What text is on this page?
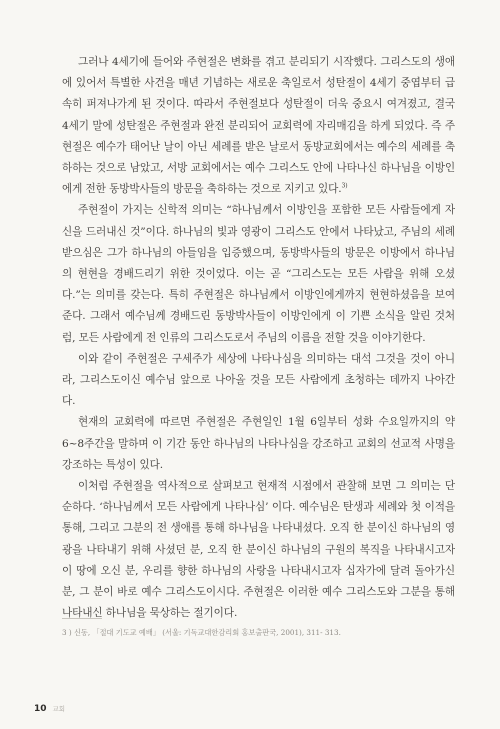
그러나 4세기에 들어와 주현절은 변화를 겪고 분리되기 시작했다. 그리스도의 생애에 있어서 특별한 사건을 매년 기념하는 새로운 축일로서 성탄절이 4세기 중엽부터 급속히 퍼져나가게 된 것이다. 따라서 주현절보다 성탄절이 더욱 중요시 여겨졌고, 결국 4세기 말에 성탄절은 주현절과 완전 분리되어 교회력에 자리매김을 하게 되었다. 즉 주현절은 예수가 태어난 날이 아닌 세례를 받은 날로서 동방교회에서는 예수의 세례를 축하하는 것으로 남았고, 서방 교회에서는 예수 그리스도 안에 나타나신 하나님을 이방인에게 전한 동방박사들의 방문을 축하하는 것으로 지키고 있다.$^{3)}$

주현절이 가지는 신학적 의미는 “하나님께서 이방인을 포함한 모든 사람들에게 자신을 드러내신 것”이다. 하나님의 빛과 영광이 그리스도 안에서 나타났고, 주님의 세례 받으심은 그가 하나님의 아들임을 입증했으며, 동방박사들의 방문은 이방에서 하나님의 현현을 경배드리기 위한 것이었다. 이는 곧 “그리스도는 모든 사람을 위해 오셨다.”는 의미를 갖는다. 특히 주현절은 하나님께서 이방인에게까지 현현하셨음을 보여 준다. 그래서 예수님께 경배드린 동방박사들이 이방인에게 이 기쁜 소식을 알린 것처럼, 모든 사람에게 전 인류의 그리스도로서 주님의 이름을 전할 것을 이야기한다.

이와 같이 주현절은 구세주가 세상에 나타나심을 의미하는 대석 그것을 것이 아니라, 그리스도이신 예수님 앞으로 나아올 것을 모든 사람에게 초청하는 데까지 나아간다.

현재의 교회력에 따르면 주현절은 주현일인 1월 6일부터 성화 수요일까지의 약 6~8주간을 말하며 이 기간 동안 하나님의 나타나심을 강조하고 교회의 선교적 사명을 강조하는 특성이 있다.

이처럼 주현절을 역사적으로 살펴보고 현재적 시점에서 관찰해 보면 그 의미는 단순하다. ‘하나님께서 모든 사람에게 나타나심’ 이다. 예수님은 탄생과 세례와 첫 이적을 통해, 그리고 그분의 전 생애를 통해 하나님을 나타내셨다. 오직 한 분이신 하나님의 영광을 나타내기 위해 사셨던 분, 오직 한 분이신 하나님의 구원의 복직을 나타내시고자 이 땅에 오신 분, 우리를 향한 하나님의 사랑을 나타내시고자 십자가에 달려 돌아가신 분, 그 분이 바로 예수 그리스도이시다. 주현절은 이러한 예수 그리스도와 그분을 통해 나타내신 하나님을 묵상하는 절기이다.

3 ) 신동, 「절대 기도교 예배」 (서울: 기독교대한감리회 홍보출판국, 2001), 311- 313.
10 교회
